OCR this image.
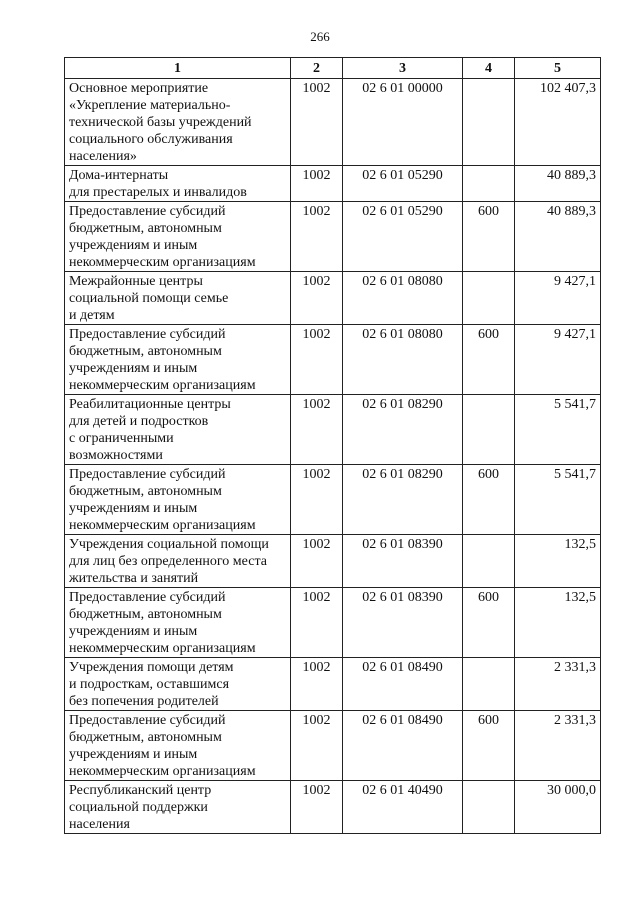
266
1	2	3	4	5

Основное мероприятие
«Укрепление материально-
технической базы учреждений
социального обслуживания
населения»	1002	02 6 01 00000		102 407,3

Дома-интернаты
для престарелых и инвалидов	1002	02 6 01 05290		40 889,3

Предоставление субсидий
бюджетным, автономным
учреждениям и иным
некоммерческим организациям	1002	02 6 01 05290	600	40 889,3

Межрайонные центры
социальной помощи семье
и детям	1002	02 6 01 08080		9 427,1

Предоставление субсидий
бюджетным, автономным
учреждениям и иным
некоммерческим организациям	1002	02 6 01 08080	600	9 427,1

Реабилитационные центры
для детей и подростков
с ограниченными
возможностями	1002	02 6 01 08290		5 541,7

Предоставление субсидий
бюджетным, автономным
учреждениям и иным
некоммерческим организациям	1002	02 6 01 08290	600	5 541,7

Учреждения социальной помощи
для лиц без определенного места
жительства и занятий	1002	02 6 01 08390		132,5

Предоставление субсидий
бюджетным, автономным
учреждениям и иным
некоммерческим организациям	1002	02 6 01 08390	600	132,5

Учреждения помощи детям
и подросткам, оставшимся
без попечения родителей	1002	02 6 01 08490		2 331,3

Предоставление субсидий
бюджетным, автономным
учреждениям и иным
некоммерческим организациям	1002	02 6 01 08490	600	2 331,3

Республиканский центр
социальной поддержки
населения	1002	02 6 01 40490		30 000,0
